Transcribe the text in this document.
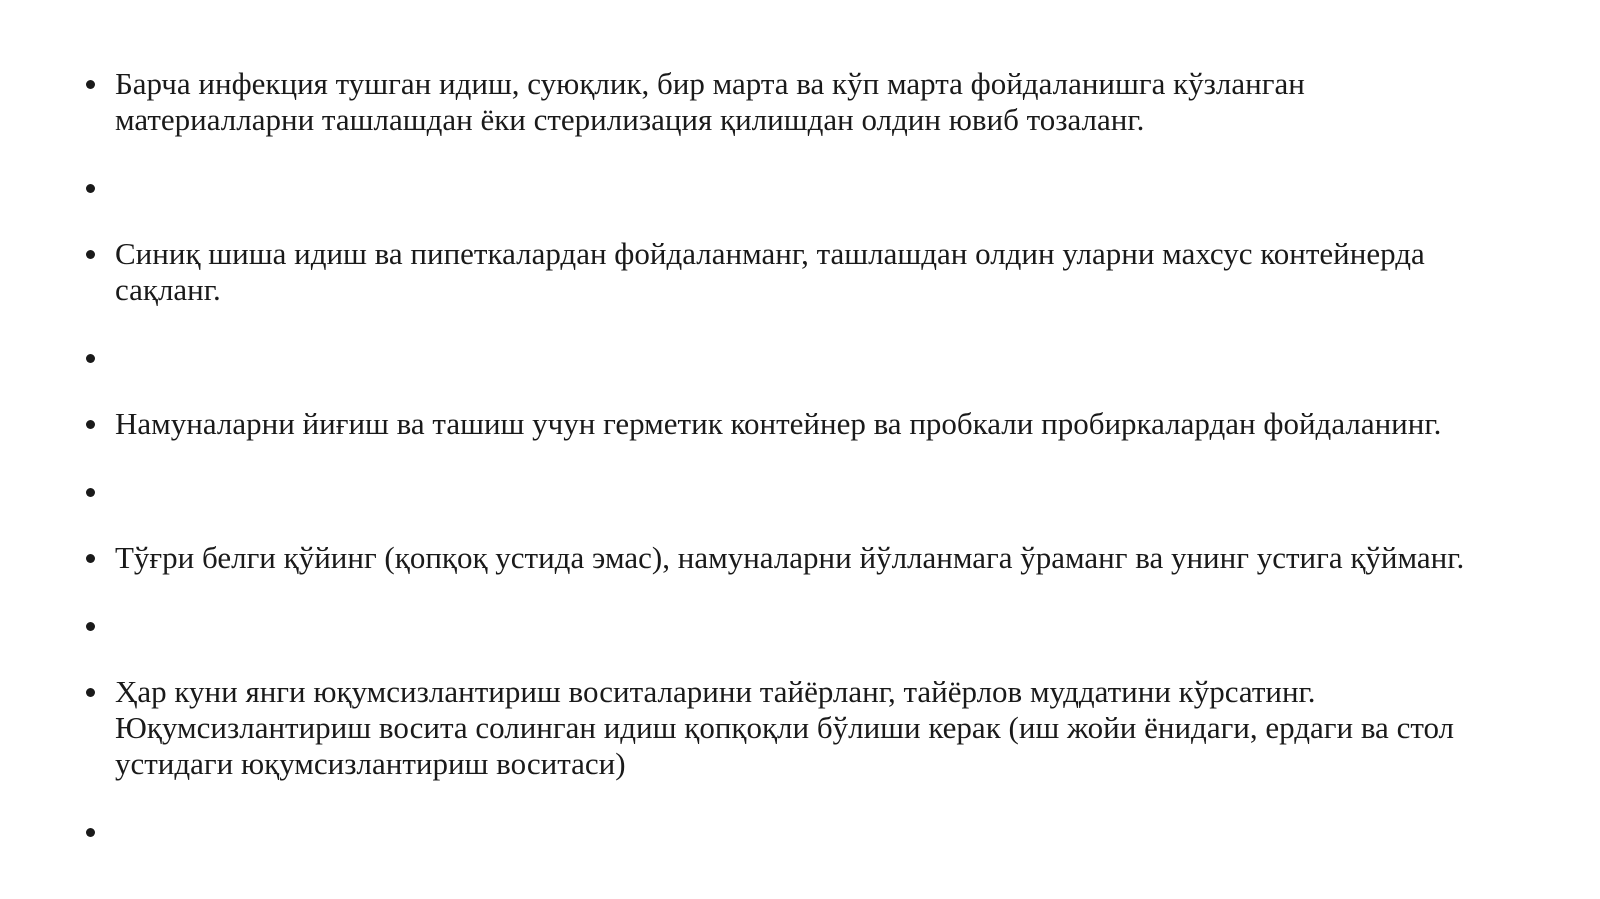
Барча инфекция тушган идиш, суюқлик, бир марта ва кўп марта фойдаланишга кўзланган материалларни ташлашдан ёки стерилизация қилишдан олдин ювиб тозаланг.
Синиқ шиша идиш ва пипеткалардан фойдаланманг, ташлашдан олдин уларни махсус контейнерда сақланг.
Намуналарни йиғиш ва ташиш учун герметик контейнер ва пробкали пробиркалардан фойдаланинг.
Тўғри белги қўйинг (қопқоқ устида эмас), намуналарни йўлланмага ўраманг ва унинг устига қўйманг.
Ҳар куни янги юқумсизлантириш воситаларини тайёрланг, тайёрлов муддатини кўрсатинг. Юқумсизлантириш восита солинган идиш қопқоқли бўлиши керак (иш жойи ёнидаги, ердаги ва стол устидаги юқумсизлантириш воситаси)
